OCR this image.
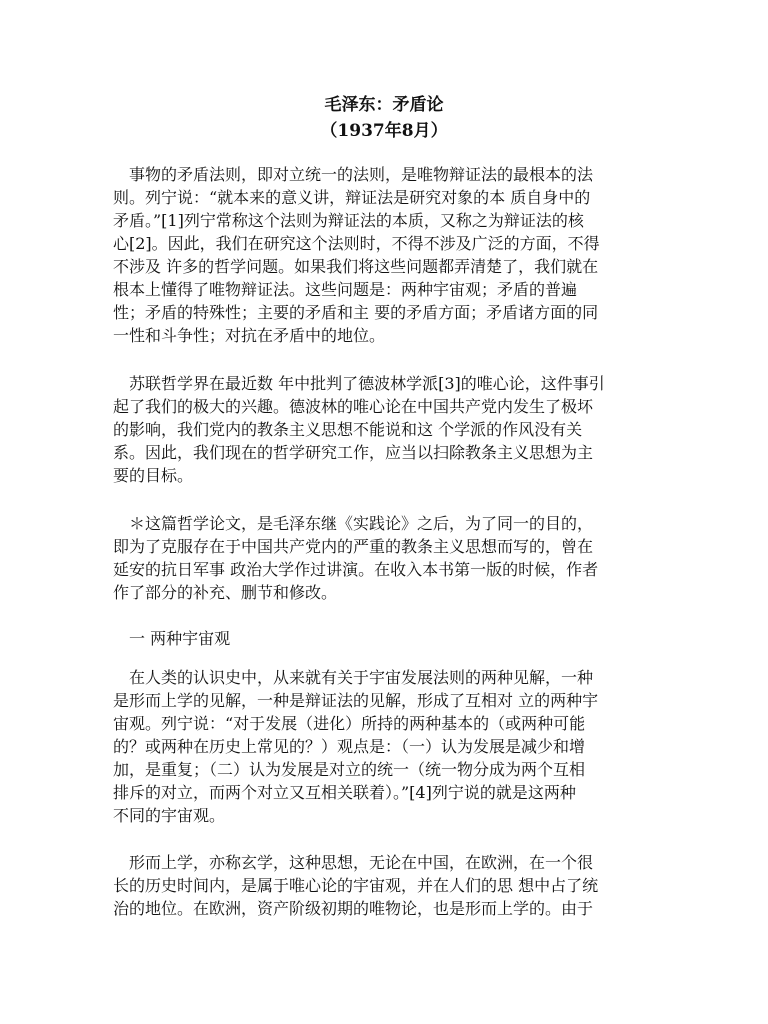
毛泽东：矛盾论
（1937年8月）
　事物的矛盾法则，即对立统一的法则，是唯物辩证法的最根本的法
则。列宁说：“就本来的意义讲，辩证法是研究对象的本 质自身中的
矛盾。”[1]列宁常称这个法则为辩证法的本质，又称之为辩证法的核
心[2]。因此，我们在研究这个法则时，不得不涉及广泛的方面，不得
不涉及 许多的哲学问题。如果我们将这些问题都弄清楚了，我们就在
根本上懂得了唯物辩证法。这些问题是：两种宇宙观；矛盾的普遍
性；矛盾的特殊性；主要的矛盾和主 要的矛盾方面；矛盾诸方面的同
一性和斗争性；对抗在矛盾中的地位。
　苏联哲学界在最近数 年中批判了德波林学派[3]的唯心论，这件事引
起了我们的极大的兴趣。德波林的唯心论在中国共产党内发生了极坏
的影响，我们党内的教条主义思想不能说和这 个学派的作风没有关
系。因此，我们现在的哲学研究工作，应当以扫除教条主义思想为主
要的目标。
　＊这篇哲学论文，是毛泽东继《实践论》之后，为了同一的目的，
即为了克服存在于中国共产党内的严重的教条主义思想而写的，曾在
延安的抗日军事 政治大学作过讲演。在收入本书第一版的时候，作者
作了部分的补充、删节和修改。
　一 两种宇宙观
　在人类的认识史中，从来就有关于宇宙发展法则的两种见解，一种
是形而上学的见解，一种是辩证法的见解，形成了互相对 立的两种宇
宙观。列宁说：“对于发展（进化）所持的两种基本的（或两种可能
的？或两种在历史上常见的？）观点是：（一）认为发展是减少和增
加，是重复；（二）认为发展是对立的统一（统一物分成为两个互相
排斥的对立，而两个对立又互相关联着）。”[4]列宁说的就是这两种
不同的宇宙观。
　形而上学，亦称玄学，这种思想，无论在中国，在欧洲，在一个很
长的历史时间内，是属于唯心论的宇宙观，并在人们的思 想中占了统
治的地位。在欧洲，资产阶级初期的唯物论，也是形而上学的。由于
